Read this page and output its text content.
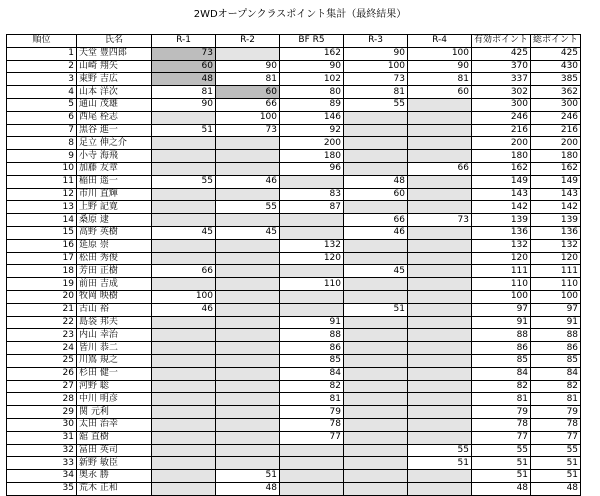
2WDオープンクラスポイント集計（最終結果）
順位	氏名	R-1	R-2	BF R5	R-3	R-4	有効ポイント	総ポイント
1	天堂 豊四郎	73		162	90	100	425	425
2	山崎 翔矢	60	90	90	100	90	370	430
3	東野 吉広	48	81	102	73	81	337	385
4	山本 洋次	81	60	80	81	60	302	362
5	通山 茂雄	90	66	89	55		300	300
6	西尾 栓志		100	146			246	246
7	黒谷 進一	51	73	92			216	216
8	足立 伸之介			200			200	200
9	小寺 海飛			180			180	180
10	加藤 友章			96		66	162	162
11	稲田 遥一	55	46		48		149	149
12	市川 直輝			83	60		143	143
13	上野 記寛		55	87			142	142
14	桑原 逮				66	73	139	139
15	高野 英樹	45	45		46		136	136
16	延原 崇			132			132	132
17	松田 秀俊			120			120	120
18	芳田 正樹	66			45		111	111
19	前田 吉成			110			110	110
20	牧岡 映樹	100					100	100
21	古山 裕	46			51		97	97
22	島袋 邦夫			91			91	91
23	内山 幸治			88			88	88
24	皆川 恭二			86			86	86
25	川嶌 規之			85			85	85
26	杉田 健一			84			84	84
27	河野 聡			82			82	82
28	中川 明彦			81			81	81
29	関 元利			79			79	79
30	太田 治幸			78			78	78
31	舘 直樹			77			77	77
32	冨田 英司					55	55	55
33	新野 敏臣					51	51	51
34	奥永 勝		51				51	51
35	荒木 正和		48				48	48
